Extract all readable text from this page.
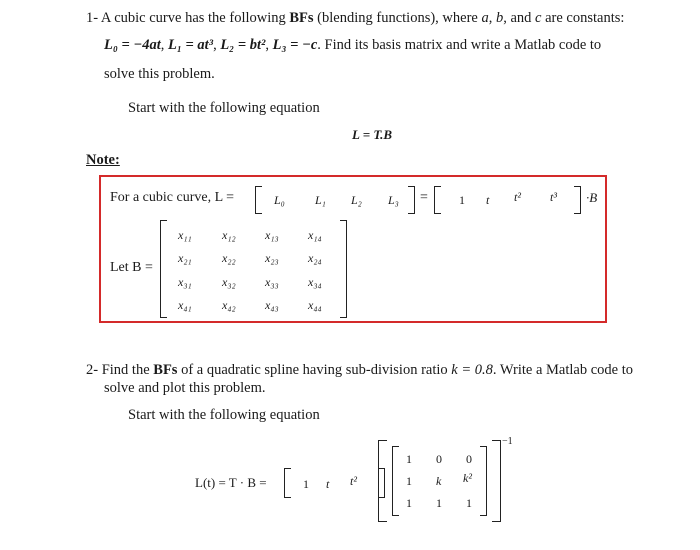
1- A cubic curve has the following BFs (blending functions), where a, b, and c are constants:
L₀ = −4at, L₁ = at³, L₂ = bt², L₃ = −c. Find its basis matrix and write a Matlab code to
solve this problem.
Start with the following equation
L = T.B
Note:
For a cubic curve, L =	L₀	L₁ L₂ L₃ =	1 t t² t³ ·B
Let B =
x₁₁	x₁₂ x₁₃ x₁₄
x₂₁	x₂₂ x₂₃ x₂₄
x₃₁	x₃₂ x₃₃ x₃₄
x₄₁	x₄₂ x₄₃ x₄₄
2- Find the BFs of a quadratic spline having sub-division ratio k = 0.8. Write a Matlab code to
solve and plot this problem.
Start with the following equation
L(t) = T · B =	1 t t²
−1
1 0 0
1 k k²
1 1 1
